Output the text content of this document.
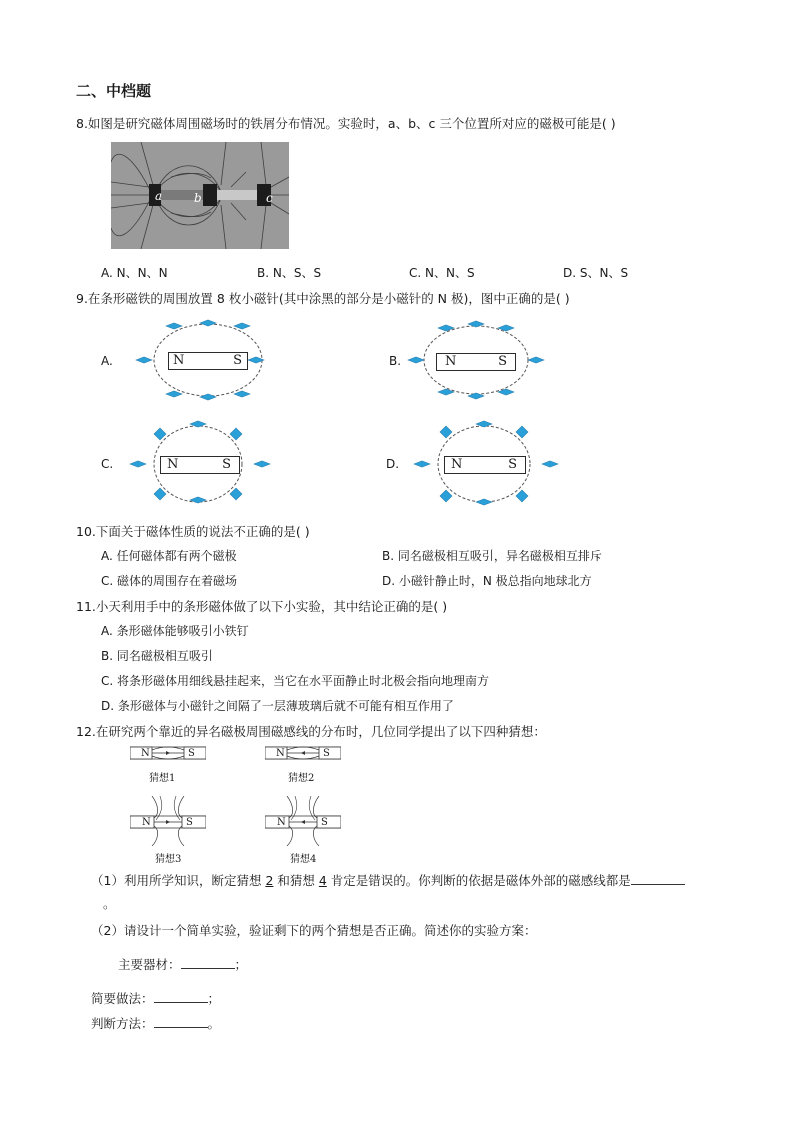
二、中档题
8.如图是研究磁体周围磁场时的铁屑分布情况。实验时，a、b、c 三个位置所对应的磁极可能是( )
a	b	c
A. N、N、N	B. N、S、S	C. N、N、S	D. S、N、S
9.在条形磁铁的周围放置 8 枚小磁针(其中涂黑的部分是小磁针的 N 极)，图中正确的是( )
A.	N	S	B.	N	S
C.	N	S	D.	N	S
10.下面关于磁体性质的说法不正确的是( )
A. 任何磁体都有两个磁极	B. 同名磁极相互吸引，异名磁极相互排斥
C. 磁体的周围存在着磁场	D. 小磁针静止时，N 极总指向地球北方
11.小天利用手中的条形磁体做了以下小实验，其中结论正确的是( )
A. 条形磁体能够吸引小铁钉
B. 同名磁极相互吸引
C. 将条形磁体用细线悬挂起来，当它在水平面静止时北极会指向地理南方
D. 条形磁体与小磁针之间隔了一层薄玻璃后就不可能有相互作用了
12.在研究两个靠近的异名磁极周围磁感线的分布时，几位同学提出了以下四种猜想：
N	S
猜想1
N	S
猜想2
N	S
猜想3
N	S
猜想4
（1）利用所学知识，断定猜想 2 和猜想 4 肯定是错误的。你判断的依据是磁体外部的磁感线都是
。
（2）请设计一个简单实验，验证剩下的两个猜想是否正确。简述你的实验方案：
主要器材：	；
简要做法：	；
判断方法：	。
